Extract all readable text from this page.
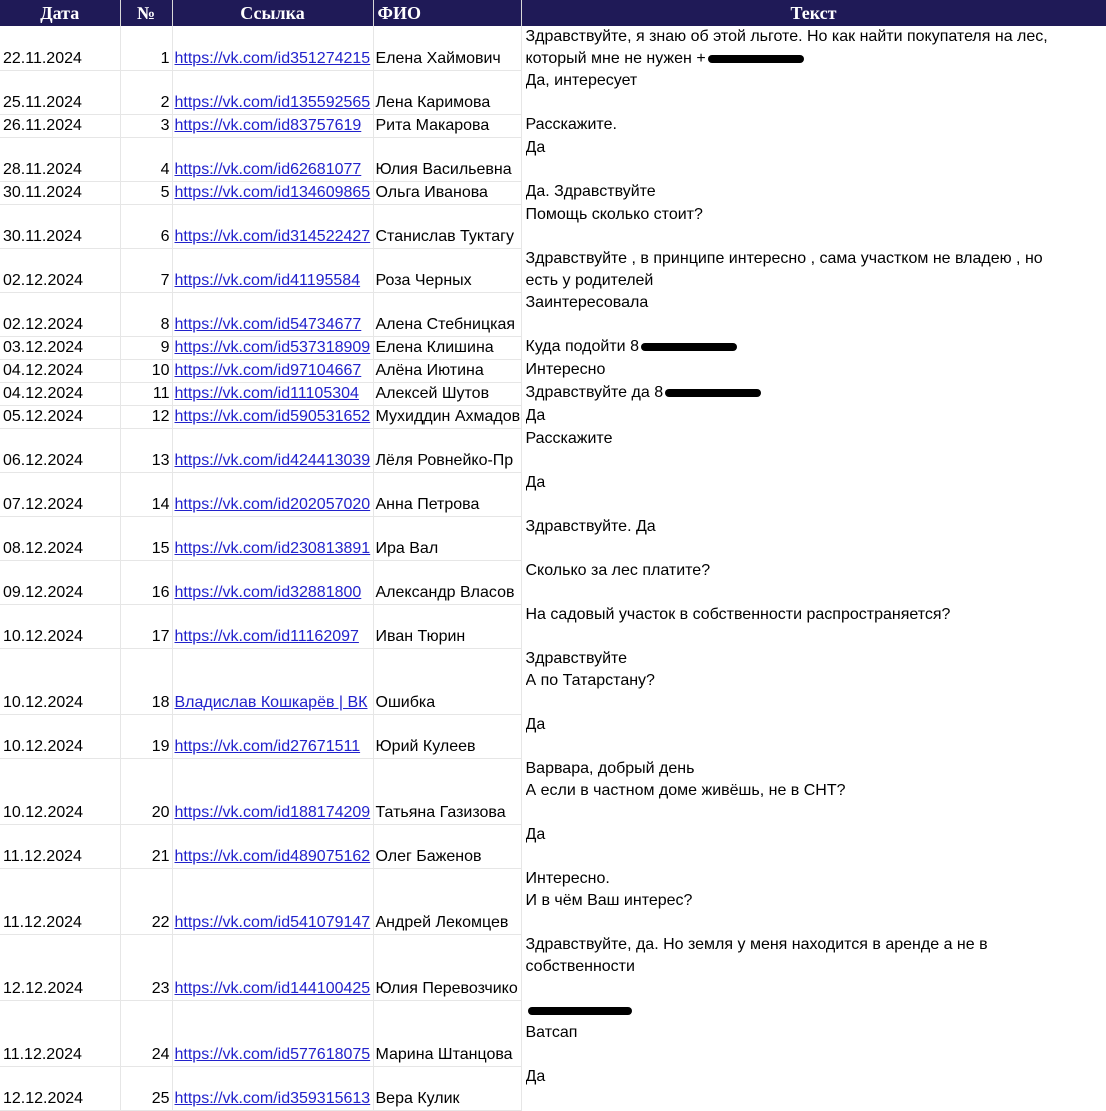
Дата	№	Ссылка	ФИО	Текст
22.11.2024	1	https://vk.com/id351274215	Елена Хаймович	Здравствуйте, я знаю об этой льготе. Но как найти покупателя на лес,
который мне не нужен +

25.11.2024	2	https://vk.com/id135592565	Лена Каримова	Да, интересует

26.11.2024	3	https://vk.com/id83757619	Рита Макарова	Расскажите.

28.11.2024	4	https://vk.com/id62681077	Юлия Васильевна	Да

30.11.2024	5	https://vk.com/id134609865	Ольга Иванова	Да. Здравствуйте

30.11.2024	6	https://vk.com/id314522427	Станислав Туктагу	Помощь сколько стоит?

02.12.2024	7	https://vk.com/id41195584	Роза Черных	Здравствуйте , в принципе интересно , сама участком не владею , но
есть у родителей

02.12.2024	8	https://vk.com/id54734677	Алена Стебницкая	Заинтересовала

03.12.2024	9	https://vk.com/id537318909	Елена Клишина	Куда подойти 8

04.12.2024	10	https://vk.com/id97104667	Алёна Иютина	Интересно

04.12.2024	11	https://vk.com/id11105304	Алексей Шутов	Здравствуйте да 8

05.12.2024	12	https://vk.com/id590531652	Мухиддин Ахмадов	Да

06.12.2024	13	https://vk.com/id424413039	Лёля Ровнейко-Пр	Расскажите

07.12.2024	14	https://vk.com/id202057020	Анна Петрова	Да

08.12.2024	15	https://vk.com/id230813891	Ира Вал	Здравствуйте. Да

09.12.2024	16	https://vk.com/id32881800	Александр Власов	Сколько за лес платите?

10.12.2024	17	https://vk.com/id11162097	Иван Тюрин	На садовый участок в собственности распространяется?

10.12.2024	18	Владислав Кошкарёв | ВК	Ошибка	Здравствуйте
А по Татарстану?

10.12.2024	19	https://vk.com/id27671511	Юрий Кулеев	Да

10.12.2024	20	https://vk.com/id188174209	Татьяна Газизова	Варвара, добрый день
А если в частном доме живёшь, не в СНТ?

11.12.2024	21	https://vk.com/id489075162	Олег Баженов	Да

11.12.2024	22	https://vk.com/id541079147	Андрей Лекомцев	Интересно.
И в чём Ваш интерес?

12.12.2024	23	https://vk.com/id144100425	Юлия Перевозчико	Здравствуйте, да. Но земля у меня находится в аренде а не в
собственности

11.12.2024	24	https://vk.com/id577618075	Марина Штанцова	Ватсап

12.12.2024	25	https://vk.com/id359315613	Вера Кулик	Да
